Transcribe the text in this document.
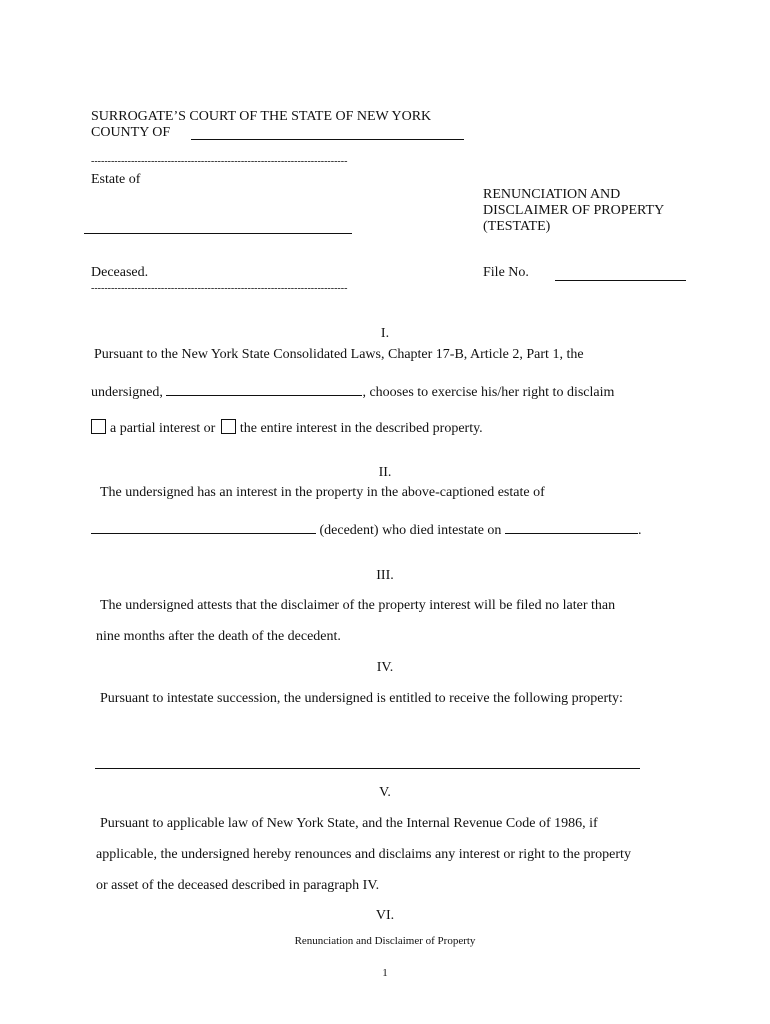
SURROGATE’S COURT OF THE STATE OF NEW YORK
COUNTY OF
-----------------------------------------------------------------------------
Estate of
RENUNCIATION AND
DISCLAIMER OF PROPERTY
(TESTATE)
Deceased.	File No.
-----------------------------------------------------------------------------
I.
Pursuant to the New York State Consolidated Laws, Chapter 17-B, Article 2, Part 1, the
undersigned,	, chooses to exercise his/her right to disclaim
a partial interest or the entire interest in the described property.
II.
The undersigned has an interest in the property in the above-captioned estate of
(decedent) who died intestate on	.
III.
The undersigned attests that the disclaimer of the property interest will be filed no later than
nine months after the death of the decedent.
IV.
Pursuant to intestate succession, the undersigned is entitled to receive the following property:
V.
Pursuant to applicable law of New York State, and the Internal Revenue Code of 1986, if
applicable, the undersigned hereby renounces and disclaims any interest or right to the property
or asset of the deceased described in paragraph IV.
VI.
Renunciation and Disclaimer of Property
1
